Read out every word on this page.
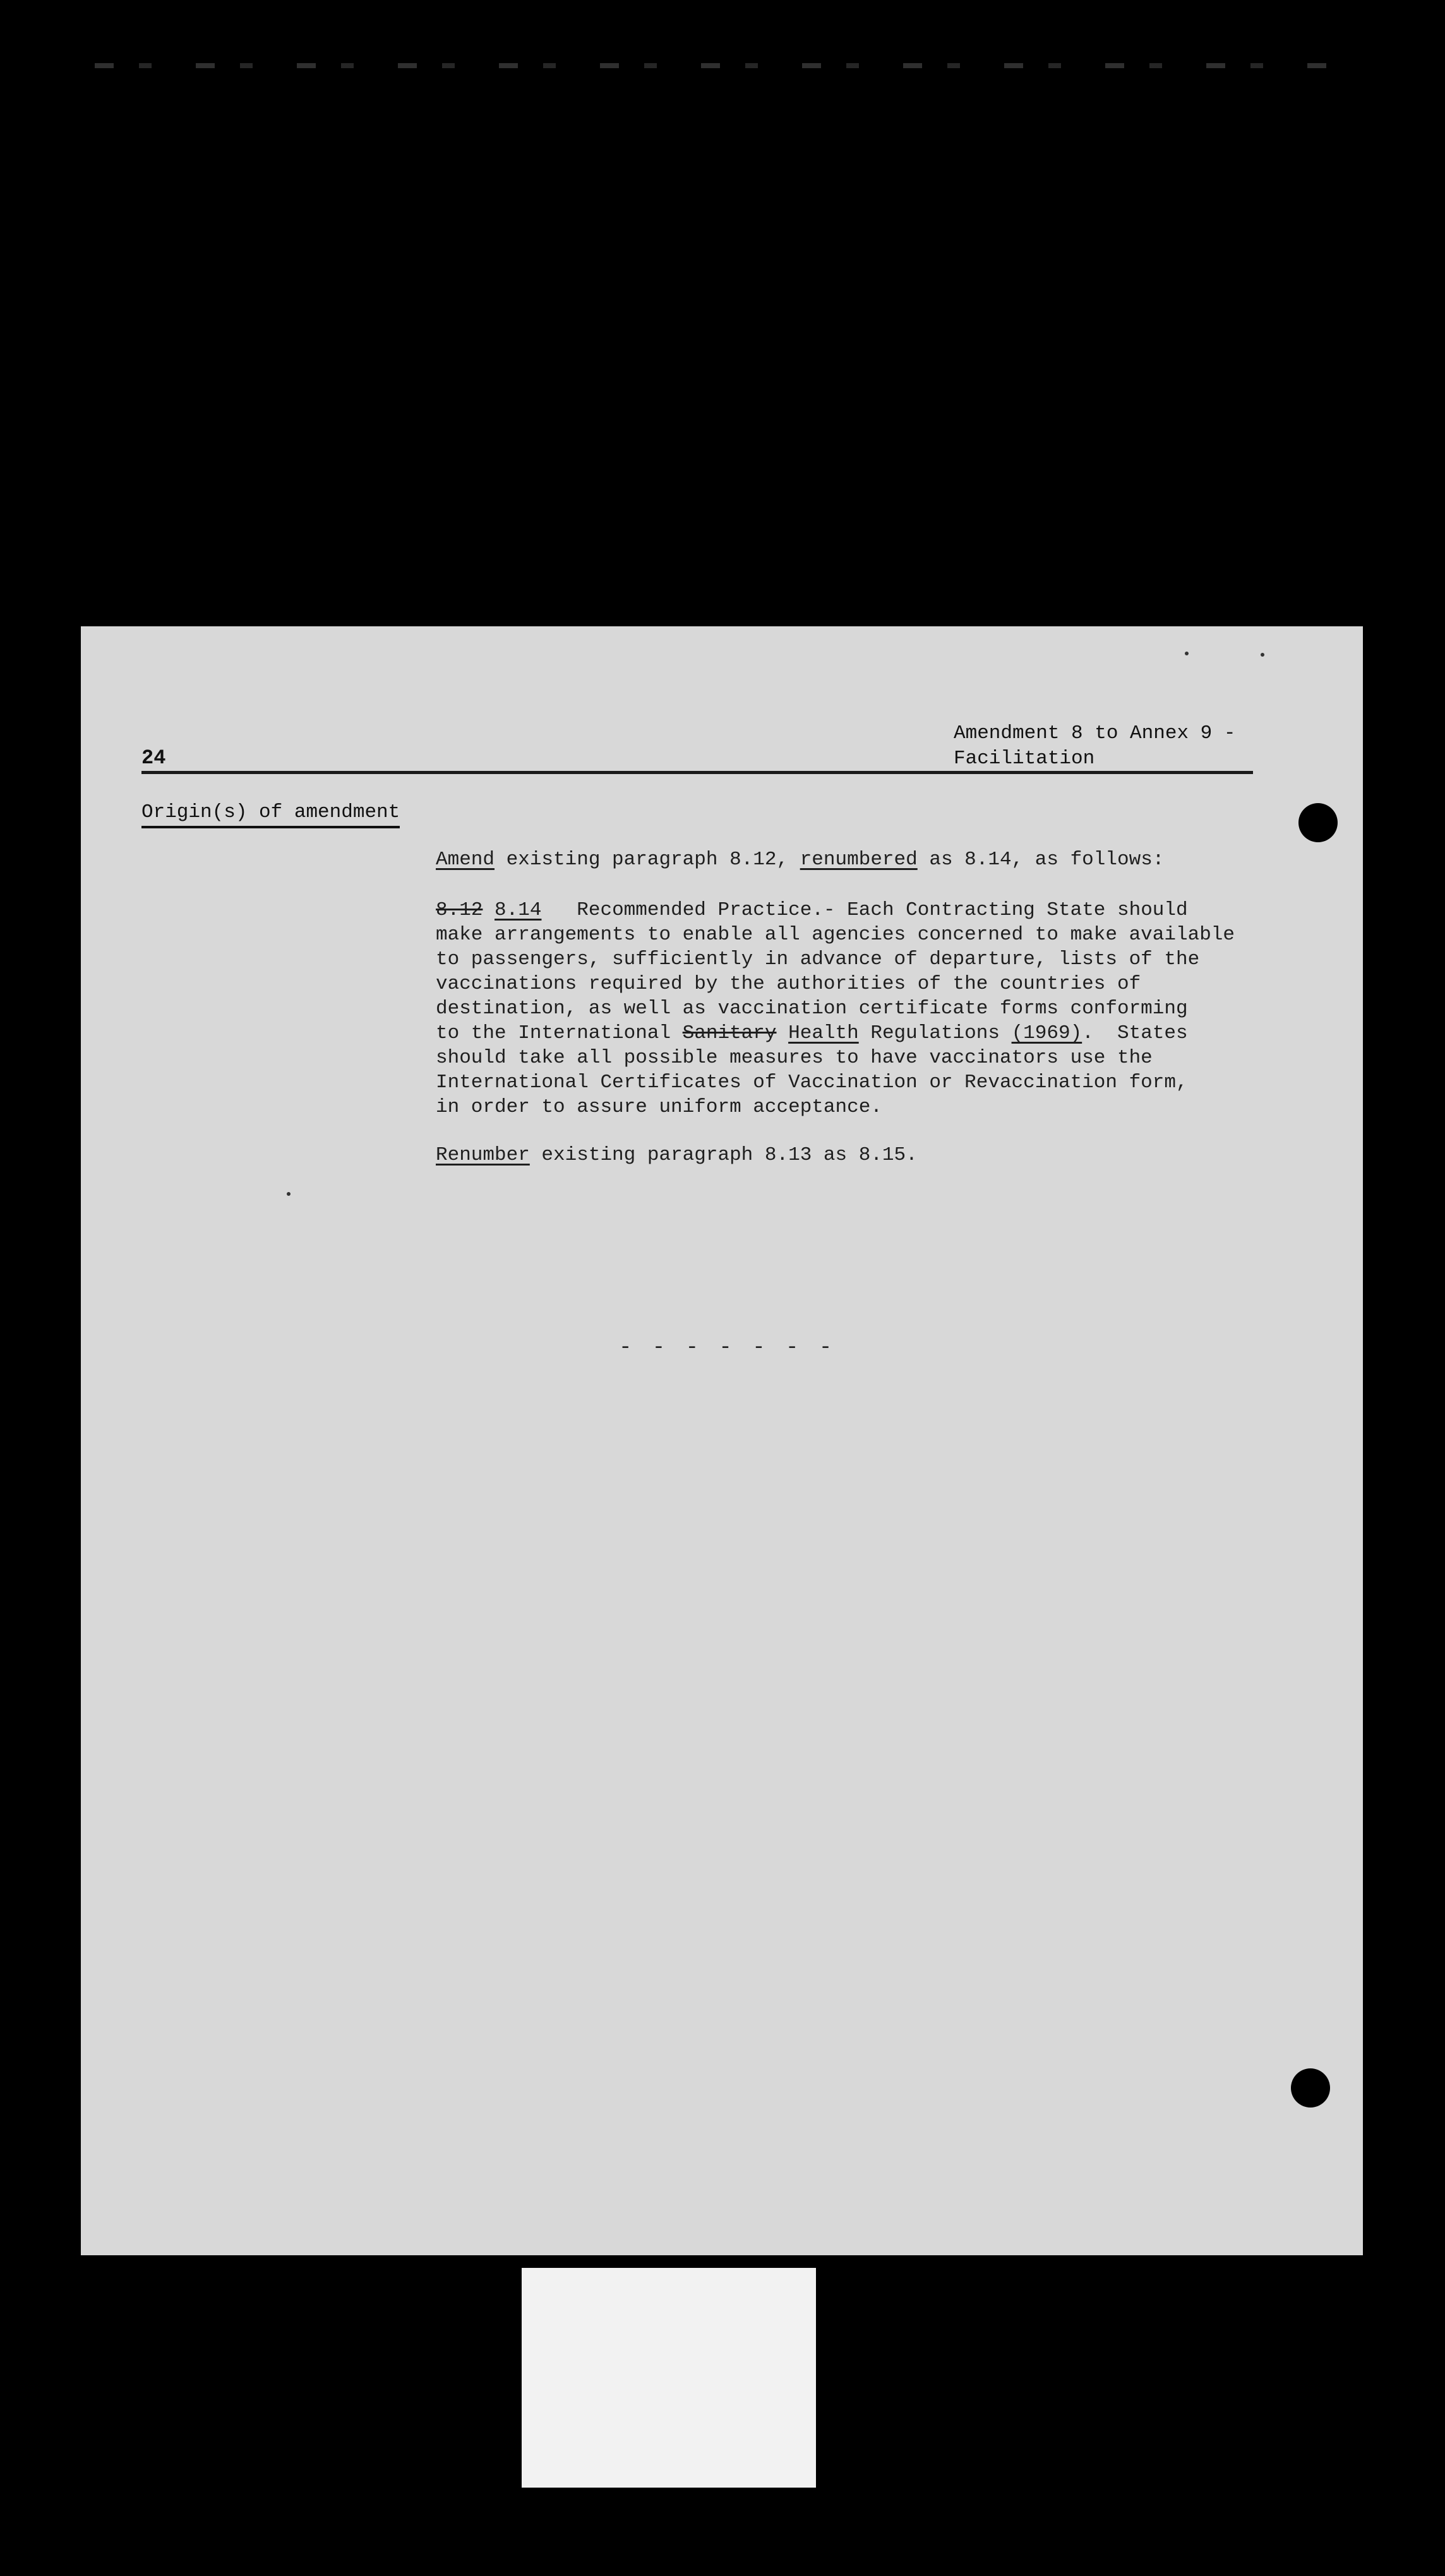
Amendment 8 to Annex 9 -
Facilitation
24
Origin(s) of amendment
Amend existing paragraph 8.12, renumbered as 8.14, as follows:
8.12 8.14   Recommended Practice.- Each Contracting State should
make arrangements to enable all agencies concerned to make available
to passengers, sufficiently in advance of departure, lists of the
vaccinations required by the authorities of the countries of
destination, as well as vaccination certificate forms conforming
to the International Sanitary Health Regulations (1969).  States
should take all possible measures to have vaccinators use the
International Certificates of Vaccination or Revaccination form,
in order to assure uniform acceptance.
Renumber existing paragraph 8.13 as 8.15.
- - - - - - -
